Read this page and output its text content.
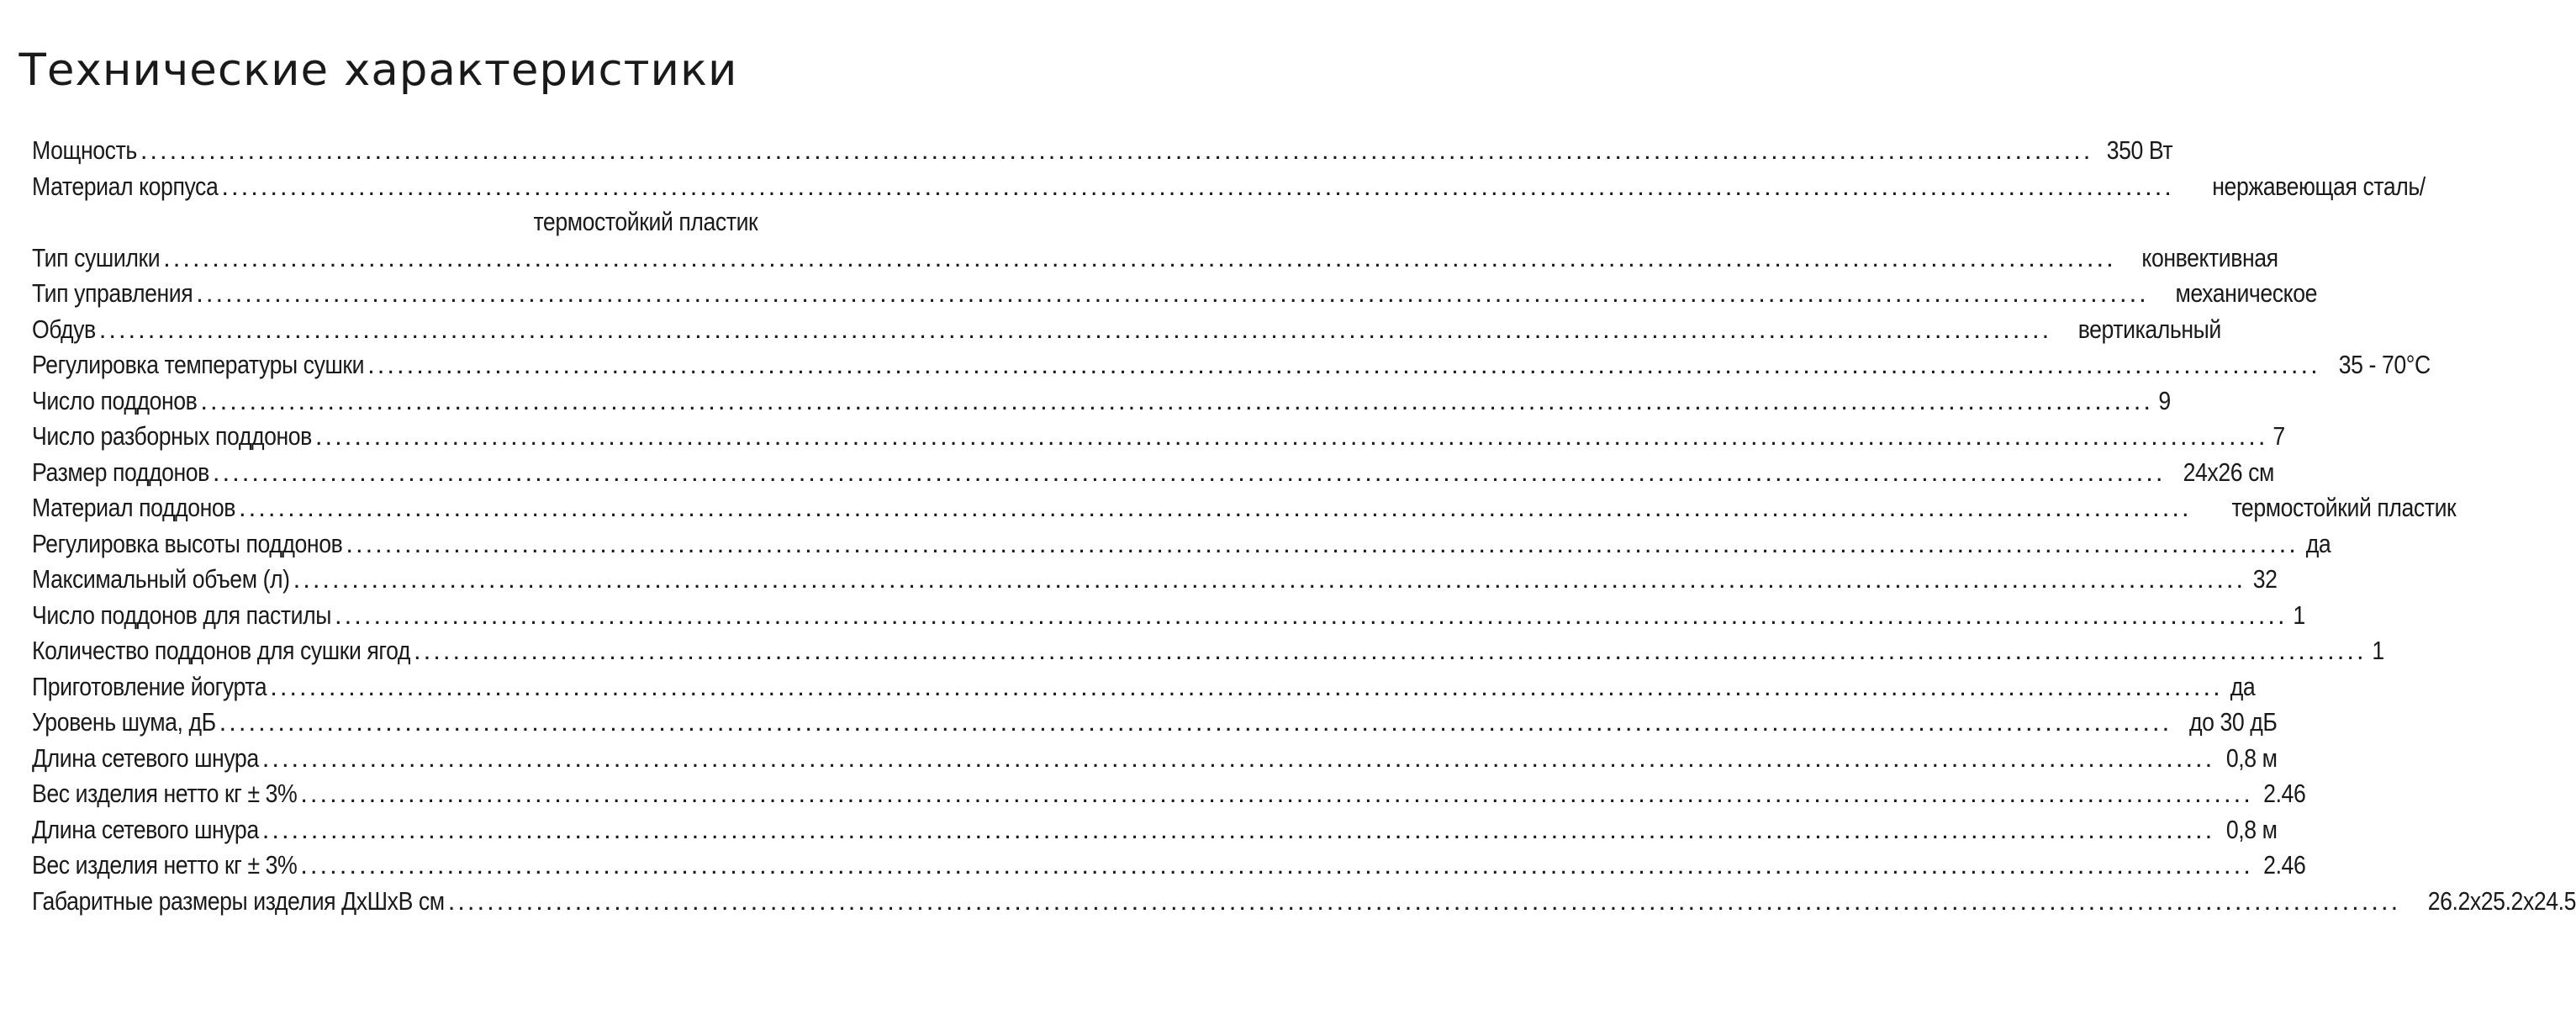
Технические характеристики
Мощность ........................................................................................................................................................................................................ 350 Вт
Материал корпуса ........................................................................................................................................................................................................	нержавеющая сталь/
термостойкий пластик
Тип сушилки ........................................................................................................................................................................................................ конвективная
Тип управления ........................................................................................................................................................................................................	механическое
Обдув ........................................................................................................................................................................................................	вертикальный
Регулировка температуры сушки ........................................................................................................................................................................................................ 35 - 70°С
Число поддонов ........................................................................................................................................................................................................ 9
Число разборных поддонов ........................................................................................................................................................................................................ 7
Размер поддонов ........................................................................................................................................................................................................ 24х26 см
Материал поддонов ........................................................................................................................................................................................................	термостойкий пластик
Регулировка высоты поддонов ........................................................................................................................................................................................................ да
Максимальный объем (л) ........................................................................................................................................................................................................ 32
Число поддонов для пастилы ........................................................................................................................................................................................................ 1
Количество поддонов для сушки ягод ........................................................................................................................................................................................................ 1
Приготовление йогурта ........................................................................................................................................................................................................ да
Уровень шума, дБ ........................................................................................................................................................................................................ до 30 дБ
Длина сетевого шнура ........................................................................................................................................................................................................ 0,8 м
Вес изделия нетто кг ± 3% ........................................................................................................................................................................................................ 2.46
Длина сетевого шнура ........................................................................................................................................................................................................ 0,8 м
Вес изделия нетто кг ± 3% ........................................................................................................................................................................................................ 2.46
Габаритные размеры изделия ДхШхВ см ........................................................................................................................................................................................................	26.2х25.2х24.5
